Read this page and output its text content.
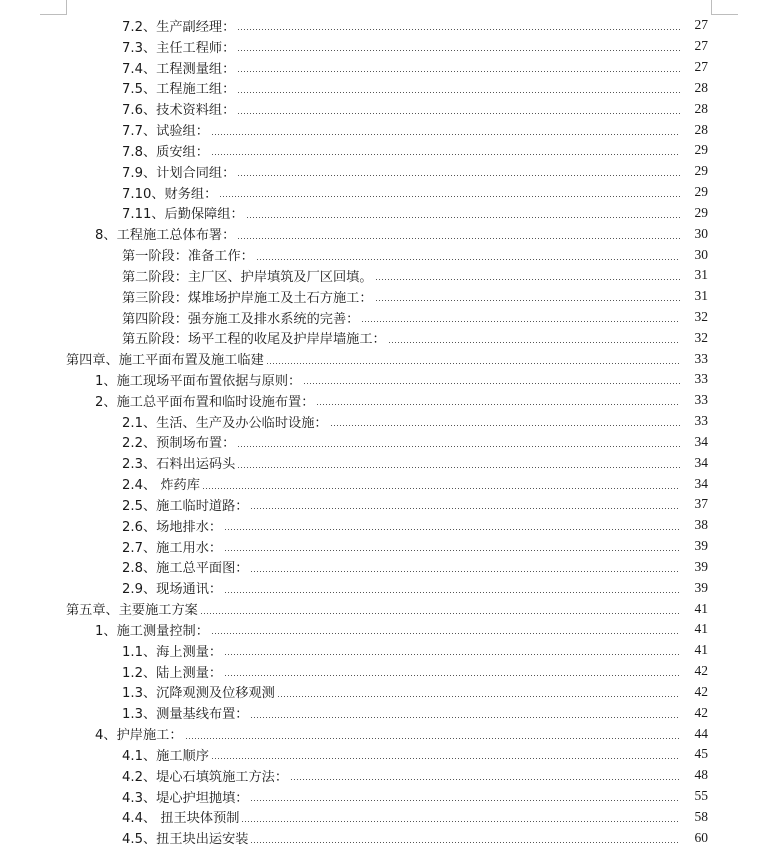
7.2、生产副经理：	27
7.3、主任工程师：	27
7.4、工程测量组：	27
7.5、工程施工组：	28
7.6、技术资料组：	28
7.7、试验组：	28
7.8、质安组：	29
7.9、计划合同组：	29
7.10、财务组：	29
7.11、后勤保障组：	29
8、工程施工总体布署：	30
第一阶段：准备工作：	30
第二阶段：主厂区、护岸填筑及厂区回填。	31
第三阶段：煤堆场护岸施工及土石方施工：	31
第四阶段：强夯施工及排水系统的完善：	32
第五阶段：场平工程的收尾及护岸岸墙施工：	32
第四章、施工平面布置及施工临建	33
1、施工现场平面布置依据与原则：	33
2、施工总平面布置和临时设施布置：	33
2.1、生活、生产及办公临时设施：	33
2.2、预制场布置：	34
2.3、石料出运码头	34
2.4、 炸药库	34
2.5、施工临时道路：	37
2.6、场地排水：	38
2.7、施工用水：	39
2.8、施工总平面图：	39
2.9、现场通讯：	39
第五章、主要施工方案	41
1、施工测量控制：	41
1.1、海上测量：	41
1.2、陆上测量：	42
1.3、沉降观测及位移观测	42
1.3、测量基线布置：	42
4、护岸施工：	44
4.1、施工顺序	45
4.2、堤心石填筑施工方法：	48
4.3、堤心护坦抛填：	55
4.4、 扭王块体预制	58
4.5、扭王块出运安装	60
